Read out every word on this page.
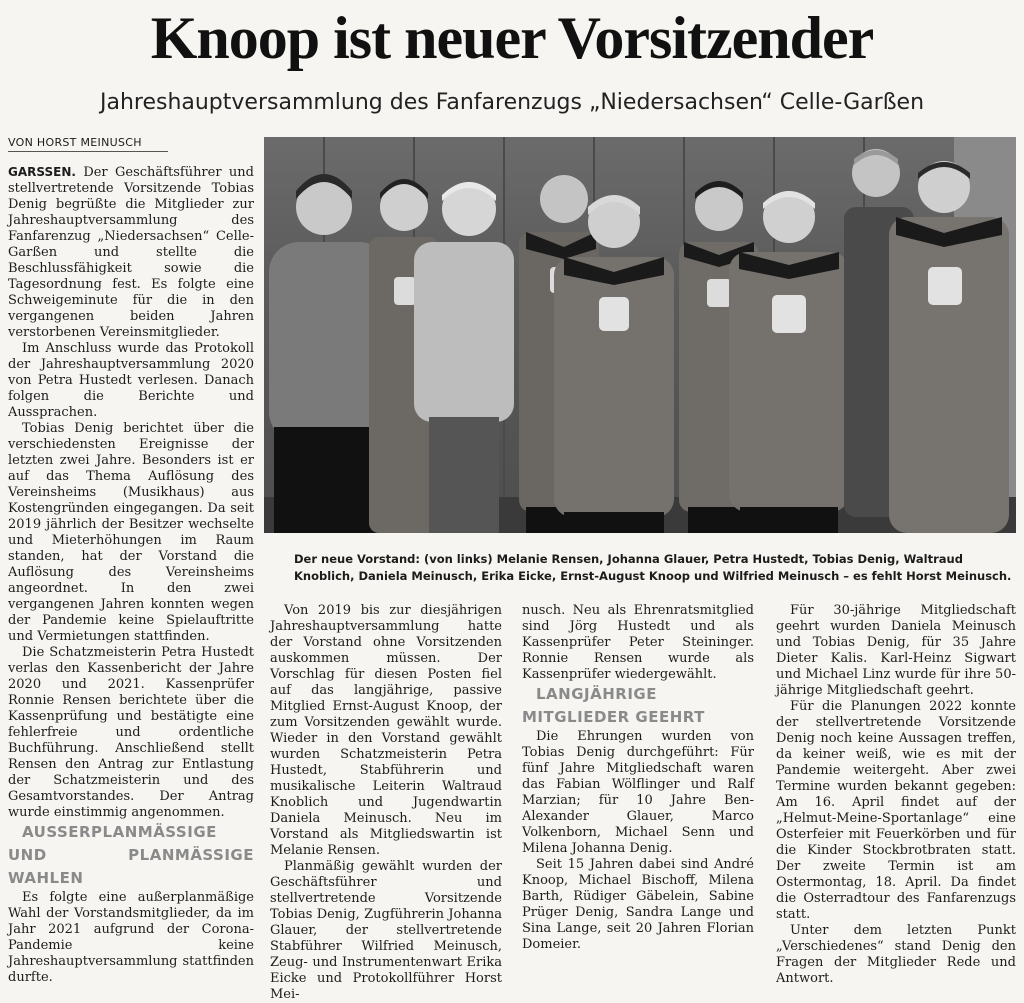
Knoop ist neuer Vorsitzender
Jahreshauptversammlung des Fanfarenzugs „Niedersachsen“ Celle-Garßen
VON HORST MEINUSCH

GARSSEN. Der Geschäftsführer und stellvertretende Vorsitzende Tobias Denig begrüßte die Mitglieder zur Jahreshauptversammlung des Fanfarenzug „Niedersachsen“ Celle-Garßen und stellte die Beschlussfähigkeit sowie die Tagesordnung fest. Es folgte eine Schweigeminute für die in den vergangenen beiden Jahren verstorbenen Vereinsmitglieder.

Im Anschluss wurde das Protokoll der Jahreshauptversammlung 2020 von Petra Hustedt verlesen. Danach folgen die Berichte und Aussprachen.

Tobias Denig berichtet über die verschiedensten Ereignisse der letzten zwei Jahre. Besonders ist er auf das Thema Auflösung des Vereinsheims (Musikhaus) aus Kostengründen eingegangen. Da seit 2019 jährlich der Besitzer wechselte und Mieterhöhungen im Raum standen, hat der Vorstand die Auflösung des Vereinsheims angeordnet. In den zwei vergangenen Jahren konnten wegen der Pandemie keine Spielauftritte und Vermietungen stattfinden.

Die Schatzmeisterin Petra Hustedt verlas den Kassenbericht der Jahre 2020 und 2021. Kassenprüfer Ronnie Rensen berichtete über die Kassenprüfung und bestätigte eine fehlerfreie und ordentliche Buchführung. Anschließend stellt Rensen den Antrag zur Entlastung der Schatzmeisterin und des Gesamtvorstandes. Der Antrag wurde einstimmig angenommen.

AUSSERPLANMÄSSIGE UND PLANMÄSSIGE WAHLEN

Es folgte eine außerplanmäßige Wahl der Vorstandsmitglieder, da im Jahr 2021 aufgrund der Corona-Pandemie keine Jahreshauptversammlung stattfinden durfte.

Der neue Vorstand: (von links) Melanie Rensen, Johanna Glauer, Petra Hustedt, Tobias Denig, Waltraud Knoblich, Daniela Meinusch, Erika Eicke, Ernst-August Knoop und Wilfried Meinusch – es fehlt Horst Meinusch.

Von 2019 bis zur diesjährigen Jahreshauptversammlung hatte der Vorstand ohne Vorsitzenden auskommen müssen. Der Vorschlag für diesen Posten fiel auf das langjährige, passive Mitglied Ernst-August Knoop, der zum Vorsitzenden gewählt wurde. Wieder in den Vorstand gewählt wurden Schatzmeisterin Petra Hustedt, Stabführerin und musikalische Leiterin Waltraud Knoblich und Jugendwartin Daniela Meinusch. Neu im Vorstand als Mitgliedswartin ist Melanie Rensen.

Planmäßig gewählt wurden der Geschäftsführer und stellvertretende Vorsitzende Tobias Denig, Zugführerin Johanna Glauer, der stellvertretende Stabführer Wilfried Meinusch, Zeug- und Instrumentenwart Erika Eicke und Protokollführer Horst Mei-

nusch. Neu als Ehrenratsmitglied sind Jörg Hustedt und als Kassenprüfer Peter Steininger. Ronnie Rensen wurde als Kassenprüfer wiedergewählt.

LANGJÄHRIGE MITGLIEDER GEEHRT

Die Ehrungen wurden von Tobias Denig durchgeführt: Für fünf Jahre Mitgliedschaft waren das Fabian Wölflinger und Ralf Marzian; für 10 Jahre Ben-Alexander Glauer, Marco Volkenborn, Michael Senn und Milena Johanna Denig.

Seit 15 Jahren dabei sind André Knoop, Michael Bischoff, Milena Barth, Rüdiger Gäbelein, Sabine Prüger Denig, Sandra Lange und Sina Lange, seit 20 Jahren Florian Domeier.

Für 30-jährige Mitgliedschaft geehrt wurden Daniela Meinusch und Tobias Denig, für 35 Jahre Dieter Kalis. Karl-Heinz Sigwart und Michael Linz wurde für ihre 50-jährige Mitgliedschaft geehrt.

Für die Planungen 2022 konnte der stellvertretende Vorsitzende Denig noch keine Aussagen treffen, da keiner weiß, wie es mit der Pandemie weitergeht. Aber zwei Termine wurden bekannt gegeben: Am 16. April findet auf der „Helmut-Meine-Sportanlage“ eine Osterfeier mit Feuerkörben und für die Kinder Stockbrotbraten statt. Der zweite Termin ist am Ostermontag, 18. April. Da findet die Osterradtour des Fanfarenzugs statt.

Unter dem letzten Punkt „Verschiedenes“ stand Denig den Fragen der Mitglieder Rede und Antwort.
